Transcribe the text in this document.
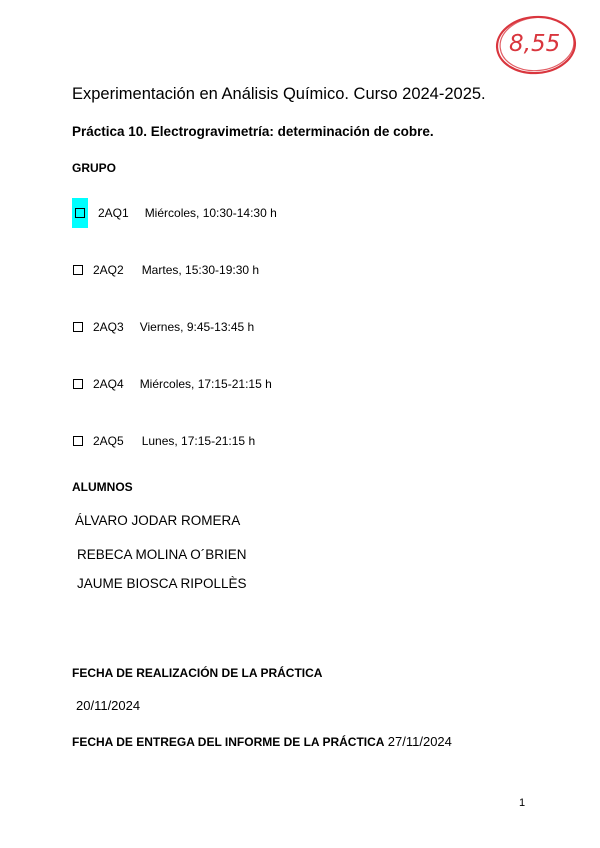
8,55
Experimentación en Análisis Químico. Curso 2024-2025.
Práctica 10. Electrogravimetría: determinación de cobre.
GRUPO
2AQ1 Miércoles, 10:30-14:30 h
2AQ2 Martes, 15:30-19:30 h
2AQ3 Viernes, 9:45-13:45 h
2AQ4 Miércoles, 17:15-21:15 h
2AQ5 Lunes, 17:15-21:15 h
ALUMNOS
ÁLVARO JODAR ROMERA
REBECA MOLINA O´BRIEN
JAUME BIOSCA RIPOLLÈS
FECHA DE REALIZACIÓN DE LA PRÁCTICA
20/11/2024
FECHA DE ENTREGA DEL INFORME DE LA PRÁCTICA 27/11/2024
1
